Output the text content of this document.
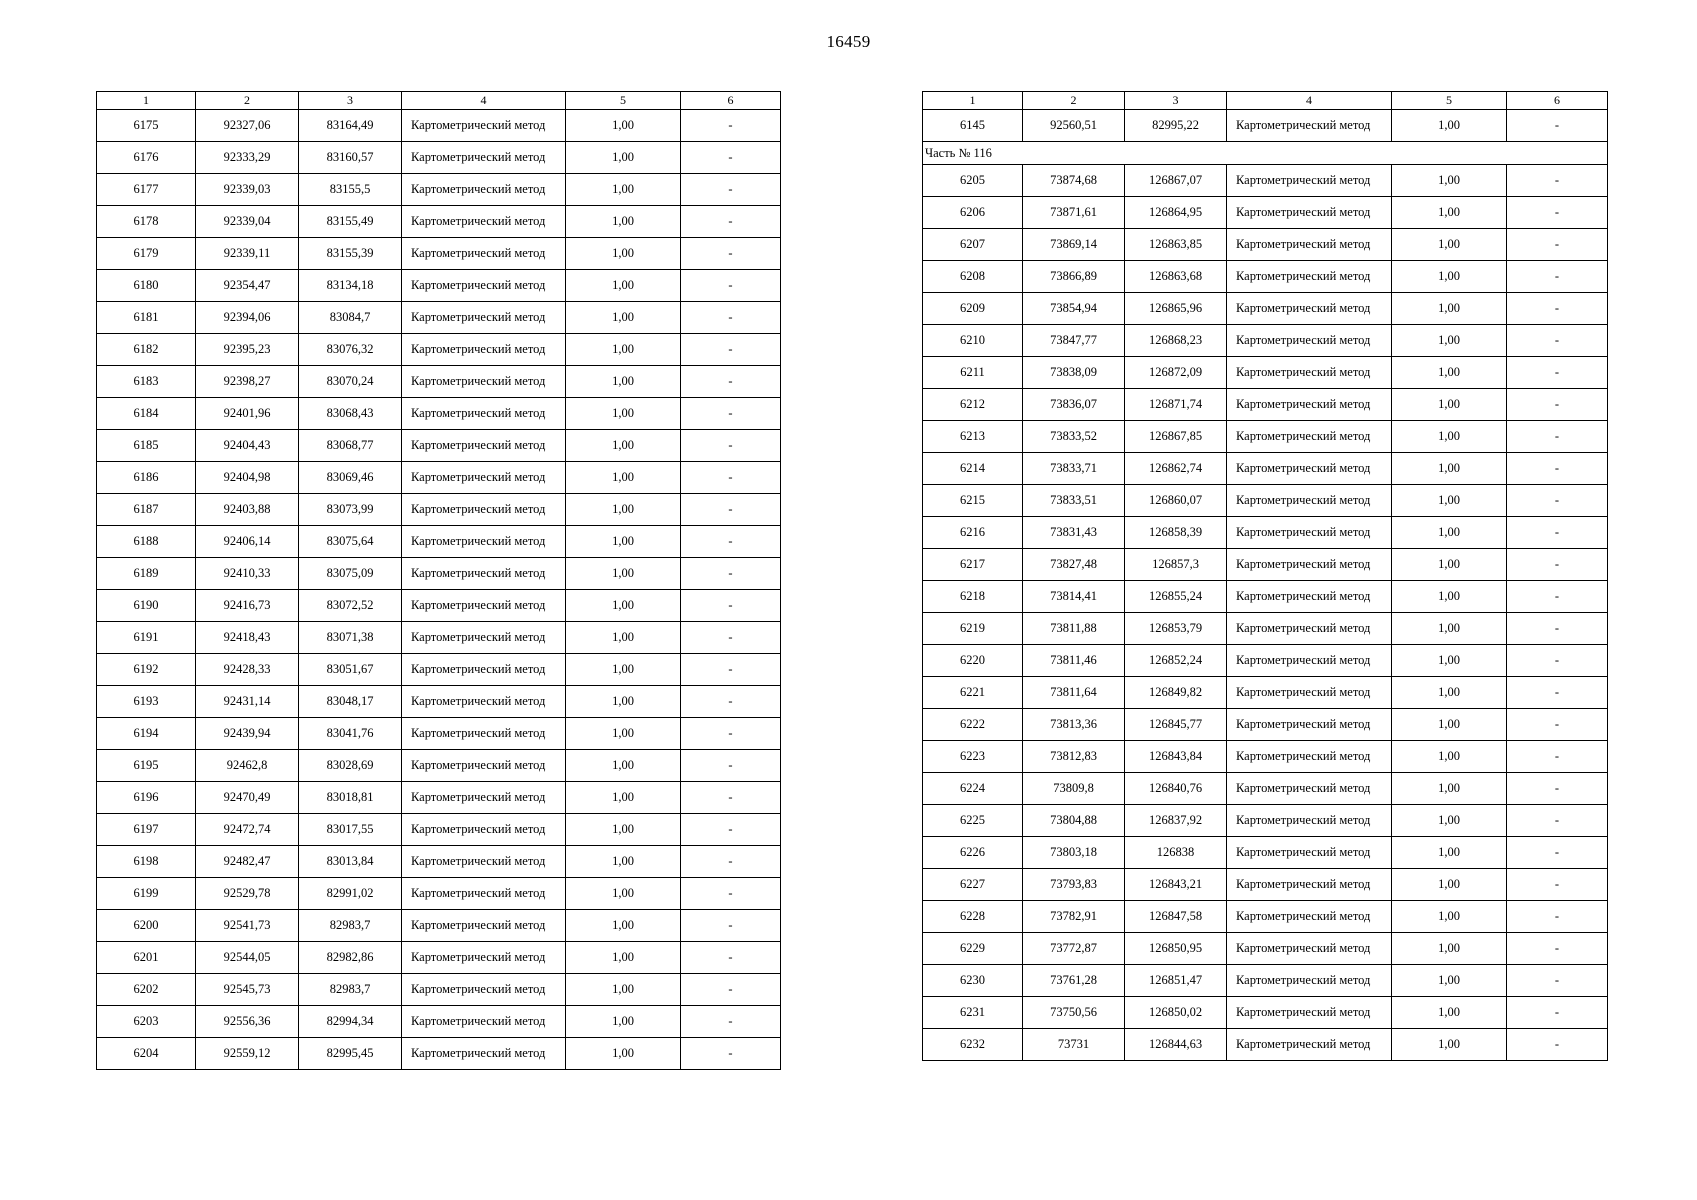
16459
1	2	3	4	5	6
6175	92327,06	83164,49	Картометрический метод	1,00	-
6176	92333,29	83160,57	Картометрический метод	1,00	-
6177	92339,03	83155,5	Картометрический метод	1,00	-
6178	92339,04	83155,49	Картометрический метод	1,00	-
6179	92339,11	83155,39	Картометрический метод	1,00	-
6180	92354,47	83134,18	Картометрический метод	1,00	-
6181	92394,06	83084,7	Картометрический метод	1,00	-
6182	92395,23	83076,32	Картометрический метод	1,00	-
6183	92398,27	83070,24	Картометрический метод	1,00	-
6184	92401,96	83068,43	Картометрический метод	1,00	-
6185	92404,43	83068,77	Картометрический метод	1,00	-
6186	92404,98	83069,46	Картометрический метод	1,00	-
6187	92403,88	83073,99	Картометрический метод	1,00	-
6188	92406,14	83075,64	Картометрический метод	1,00	-
6189	92410,33	83075,09	Картометрический метод	1,00	-
6190	92416,73	83072,52	Картометрический метод	1,00	-
6191	92418,43	83071,38	Картометрический метод	1,00	-
6192	92428,33	83051,67	Картометрический метод	1,00	-
6193	92431,14	83048,17	Картометрический метод	1,00	-
6194	92439,94	83041,76	Картометрический метод	1,00	-
6195	92462,8	83028,69	Картометрический метод	1,00	-
6196	92470,49	83018,81	Картометрический метод	1,00	-
6197	92472,74	83017,55	Картометрический метод	1,00	-
6198	92482,47	83013,84	Картометрический метод	1,00	-
6199	92529,78	82991,02	Картометрический метод	1,00	-
6200	92541,73	82983,7	Картометрический метод	1,00	-
6201	92544,05	82982,86	Картометрический метод	1,00	-
6202	92545,73	82983,7	Картометрический метод	1,00	-
6203	92556,36	82994,34	Картометрический метод	1,00	-
6204	92559,12	82995,45	Картометрический метод	1,00	-
1	2	3	4	5	6
6145	92560,51	82995,22	Картометрический метод	1,00	-
Часть № 116					
6205	73874,68	126867,07	Картометрический метод	1,00	-
6206	73871,61	126864,95	Картометрический метод	1,00	-
6207	73869,14	126863,85	Картометрический метод	1,00	-
6208	73866,89	126863,68	Картометрический метод	1,00	-
6209	73854,94	126865,96	Картометрический метод	1,00	-
6210	73847,77	126868,23	Картометрический метод	1,00	-
6211	73838,09	126872,09	Картометрический метод	1,00	-
6212	73836,07	126871,74	Картометрический метод	1,00	-
6213	73833,52	126867,85	Картометрический метод	1,00	-
6214	73833,71	126862,74	Картометрический метод	1,00	-
6215	73833,51	126860,07	Картометрический метод	1,00	-
6216	73831,43	126858,39	Картометрический метод	1,00	-
6217	73827,48	126857,3	Картометрический метод	1,00	-
6218	73814,41	126855,24	Картометрический метод	1,00	-
6219	73811,88	126853,79	Картометрический метод	1,00	-
6220	73811,46	126852,24	Картометрический метод	1,00	-
6221	73811,64	126849,82	Картометрический метод	1,00	-
6222	73813,36	126845,77	Картометрический метод	1,00	-
6223	73812,83	126843,84	Картометрический метод	1,00	-
6224	73809,8	126840,76	Картометрический метод	1,00	-
6225	73804,88	126837,92	Картометрический метод	1,00	-
6226	73803,18	126838	Картометрический метод	1,00	-
6227	73793,83	126843,21	Картометрический метод	1,00	-
6228	73782,91	126847,58	Картометрический метод	1,00	-
6229	73772,87	126850,95	Картометрический метод	1,00	-
6230	73761,28	126851,47	Картометрический метод	1,00	-
6231	73750,56	126850,02	Картометрический метод	1,00	-
6232	73731	126844,63	Картометрический метод	1,00	-
